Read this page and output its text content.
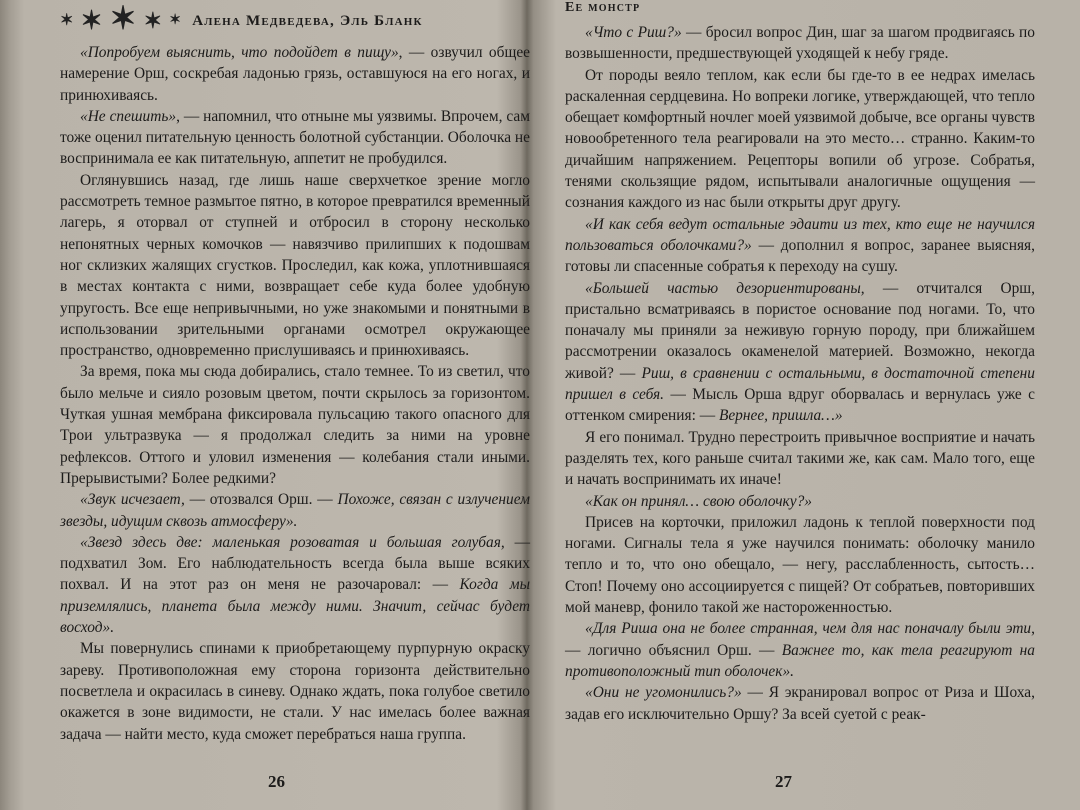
✶ ✶ ✶ ✶ ✶ Алена Медведева, Эль Бланк

«Попробуем выяснить, что подойдет в пищу», — озвучил общее намерение Орш, соскребая ладонью грязь, оставшуюся на его ногах, и принюхиваясь.

«Не спешить», — напомнил, что отныне мы уязвимы. Впрочем, сам тоже оценил питательную ценность болотной субстанции. Оболочка не воспринимала ее как питательную, аппетит не пробудился.

Оглянувшись назад, где лишь наше сверхчеткое зрение могло рассмотреть темное размытое пятно, в которое превратился временный лагерь, я оторвал от ступней и отбросил в сторону несколько непонятных черных комочков — навязчиво прилипших к подошвам ног склизких жалящих сгустков. Проследил, как кожа, уплотнившаяся в местах контакта с ними, возвращает себе куда более удобную упругость. Все еще непривычными, но уже знакомыми и понятными в использовании зрительными органами осмотрел окружающее пространство, одновременно прислушиваясь и принюхиваясь.

За время, пока мы сюда добирались, стало темнее. То из светил, что было мельче и сияло розовым цветом, почти скрылось за горизонтом. Чуткая ушная мембрана фиксировала пульсацию такого опасного для Трои ультразвука — я продолжал следить за ними на уровне рефлексов. Оттого и уловил изменения — колебания стали иными. Прерывистыми? Более редкими?

«Звук исчезает, — отозвался Орш. — Похоже, связан с излучением звезды, идущим сквозь атмосферу».

«Звезд здесь две: маленькая розоватая и большая голубая, — подхватил Зом. Его наблюдательность всегда была выше всяких похвал. И на этот раз он меня не разочаровал: — Когда мы приземлялись, планета была между ними. Значит, сейчас будет восход».

Мы повернулись спинами к приобретающему пурпурную окраску зареву. Противоположная ему сторона горизонта действительно посветлела и окрасилась в синеву. Однако ждать, пока голубое светило окажется в зоне видимости, не стали. У нас имелась более важная задача — найти место, куда сможет перебраться наша группа.

26
Ее монстр

«Что с Риш?» — бросил вопрос Дин, шаг за шагом продвигаясь по возвышенности, предшествующей уходящей к небу гряде.

От породы веяло теплом, как если бы где-то в ее недрах имелась раскаленная сердцевина. Но вопреки логике, утверждающей, что тепло обещает комфортный ночлег моей уязвимой добыче, все органы чувств новообретенного тела реагировали на это место… странно. Каким-то дичайшим напряжением. Рецепторы вопили об угрозе. Собратья, тенями скользящие рядом, испытывали аналогичные ощущения — сознания каждого из нас были открыты друг другу.

«И как себя ведут остальные эдаити из тех, кто еще не научился пользоваться оболочками?» — дополнил я вопрос, заранее выясняя, готовы ли спасенные собратья к переходу на сушу.

«Большей частью дезориентированы, — отчитался Орш, пристально всматриваясь в пористое основание под ногами. То, что поначалу мы приняли за неживую горную породу, при ближайшем рассмотрении оказалось окаменелой материей. Возможно, некогда живой? — Риш, в сравнении с остальными, в достаточной степени пришел в себя. — Мысль Орша вдруг оборвалась и вернулась уже с оттенком смирения: — Вернее, пришла…»

Я его понимал. Трудно перестроить привычное восприятие и начать разделять тех, кого раньше считал такими же, как сам. Мало того, еще и начать воспринимать их иначе!

«Как он принял… свою оболочку?»

Присев на корточки, приложил ладонь к теплой поверхности под ногами. Сигналы тела я уже научился понимать: оболочку манило тепло и то, что оно обещало, — негу, расслабленность, сытость… Стоп! Почему оно ассоциируется с пищей? От собратьев, повторивших мой маневр, фонило такой же настороженностью.

«Для Риша она не более странная, чем для нас поначалу были эти, — логично объяснил Орш. — Важнее то, как тела реагируют на противоположный тип оболочек».

«Они не угомонились?» — Я экранировал вопрос от Риза и Шоха, задав его исключительно Оршу? За всей суетой с реак-

27
